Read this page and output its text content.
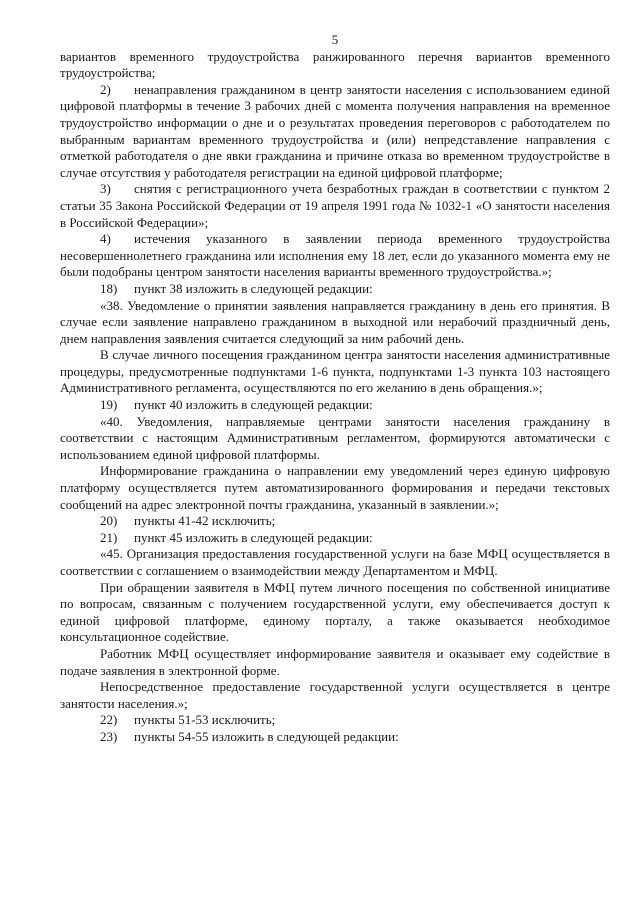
5

вариантов временного трудоустройства ранжированного перечня вариантов временного трудоустройства;

2) ненаправления гражданином в центр занятости населения с использованием единой цифровой платформы в течение 3 рабочих дней с момента получения направления на временное трудоустройство информации о дне и о результатах проведения переговоров с работодателем по выбранным вариантам временного трудоустройства и (или) непредставление направления с отметкой работодателя о дне явки гражданина и причине отказа во временном трудоустройстве в случае отсутствия у работодателя регистрации на единой цифровой платформе;

3) снятия с регистрационного учета безработных граждан в соответствии с пунктом 2 статьи 35 Закона Российской Федерации от 19 апреля 1991 года № 1032-1 «О занятости населения в Российской Федерации»;

4) истечения указанного в заявлении периода временного трудоустройства несовершеннолетнего гражданина или исполнения ему 18 лет, если до указанного момента ему не были подобраны центром занятости населения варианты временного трудоустройства.»;

18) пункт 38 изложить в следующей редакции:

«38. Уведомление о принятии заявления направляется гражданину в день его принятия. В случае если заявление направлено гражданином в выходной или нерабочий праздничный день, днем направления заявления считается следующий за ним рабочий день.

В случае личного посещения гражданином центра занятости населения административные процедуры, предусмотренные подпунктами 1-6 пункта, подпунктами 1-3 пункта 103 настоящего Административного регламента, осуществляются по его желанию в день обращения.»;

19) пункт 40 изложить в следующей редакции:

«40. Уведомления, направляемые центрами занятости населения гражданину в соответствии с настоящим Административным регламентом, формируются автоматически с использованием единой цифровой платформы.

Информирование гражданина о направлении ему уведомлений через единую цифровую платформу осуществляется путем автоматизированного формирования и передачи текстовых сообщений на адрес электронной почты гражданина, указанный в заявлении.»;

20) пункты 41-42 исключить;

21) пункт 45 изложить в следующей редакции:

«45. Организация предоставления государственной услуги на базе МФЦ осуществляется в соответствии с соглашением о взаимодействии между Департаментом и МФЦ.

При обращении заявителя в МФЦ путем личного посещения по собственной инициативе по вопросам, связанным с получением государственной услуги, ему обеспечивается доступ к единой цифровой платформе, единому порталу, а также оказывается необходимое консультационное содействие.

Работник МФЦ осуществляет информирование заявителя и оказывает ему содействие в подаче заявления в электронной форме.

Непосредственное предоставление государственной услуги осуществляется в центре занятости населения.»;

22) пункты 51-53 исключить;

23) пункты 54-55 изложить в следующей редакции:
